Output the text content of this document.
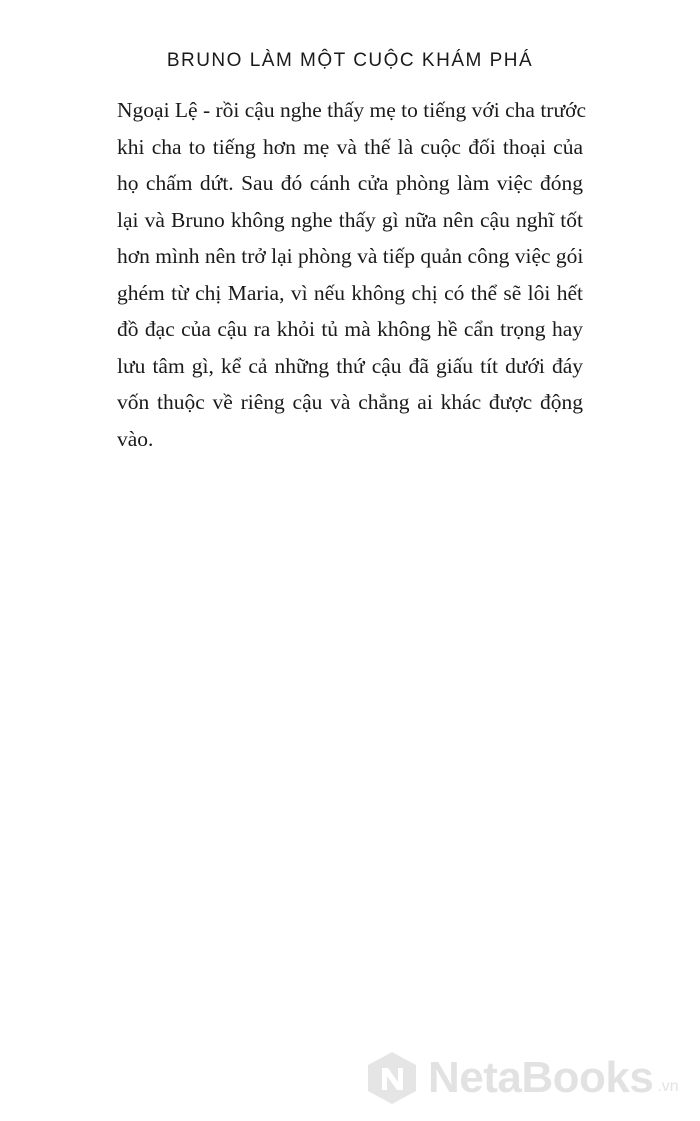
BRUNO LÀM MỘT CUỘC KHÁM PHÁ
Ngoại Lệ - rồi cậu nghe thấy mẹ to tiếng với cha trước
khi cha to tiếng hơn mẹ và thế là cuộc đối thoại của
họ chấm dứt. Sau đó cánh cửa phòng làm việc đóng
lại và Bruno không nghe thấy gì nữa nên cậu nghĩ tốt
hơn mình nên trở lại phòng và tiếp quản công việc gói
ghém từ chị Maria, vì nếu không chị có thể sẽ lôi hết
đồ đạc của cậu ra khỏi tủ mà không hề cẩn trọng hay
lưu tâm gì, kể cả những thứ cậu đã giấu tít dưới đáy
vốn thuộc về riêng cậu và chẳng ai khác được động
vào.
NetaBooks .vn
